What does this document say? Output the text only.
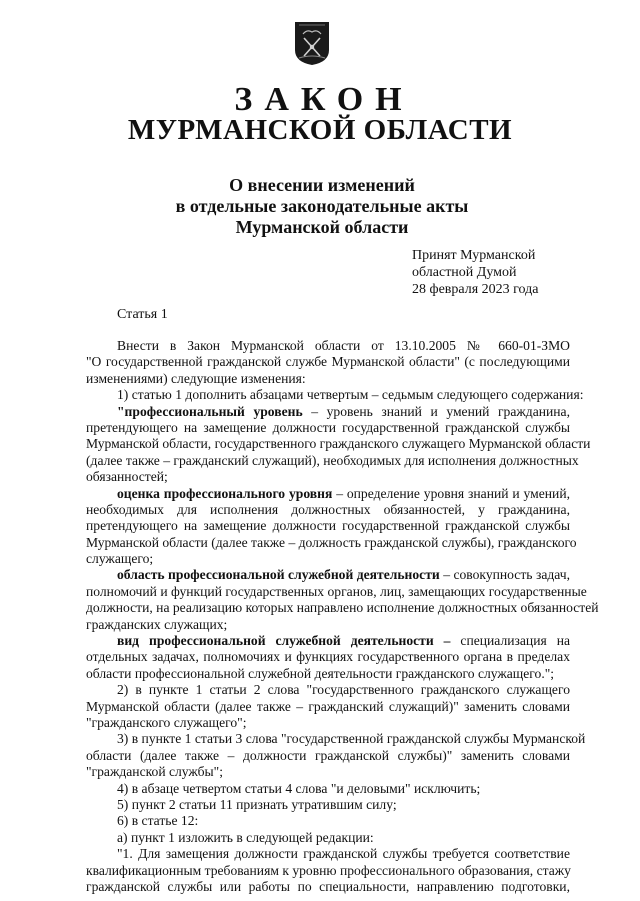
ЗАКОН
МУРМАНСКОЙ ОБЛАСТИ
О внесении изменений
в отдельные законодательные акты
Мурманской области
Принят Мурманской
областной Думой
28 февраля 2023 года
Статья 1
Внести в Закон Мурманской области от 13.10.2005 № 660-01-ЗМО
"О государственной гражданской службе Мурманской области" (с последующими
изменениями) следующие изменения:
1) статью 1 дополнить абзацами четвертым – седьмым следующего содержания:
"профессиональный уровень – уровень знаний и умений гражданина,
претендующего на замещение должности государственной гражданской службы
Мурманской области, государственного гражданского служащего Мурманской области
(далее также – гражданский служащий), необходимых для исполнения должностных
обязанностей;
оценка профессионального уровня – определение уровня знаний и умений,
необходимых для исполнения должностных обязанностей, у гражданина,
претендующего на замещение должности государственной гражданской службы
Мурманской области (далее также – должность гражданской службы), гражданского
служащего;
область профессиональной служебной деятельности – совокупность задач,
полномочий и функций государственных органов, лиц, замещающих государственные
должности, на реализацию которых направлено исполнение должностных обязанностей
гражданских служащих;
вид профессиональной служебной деятельности – специализация на
отдельных задачах, полномочиях и функциях государственного органа в пределах
области профессиональной служебной деятельности гражданского служащего.";
2) в пункте 1 статьи 2 слова "государственного гражданского служащего
Мурманской области (далее также – гражданский служащий)" заменить словами
"гражданского служащего";
3) в пункте 1 статьи 3 слова "государственной гражданской службы Мурманской
области (далее также – должности гражданской службы)" заменить словами
"гражданской службы";
4) в абзаце четвертом статьи 4 слова "и деловыми" исключить;
5) пункт 2 статьи 11 признать утратившим силу;
6) в статье 12:
а) пункт 1 изложить в следующей редакции:
"1. Для замещения должности гражданской службы требуется соответствие
квалификационным требованиям к уровню профессионального образования, стажу
гражданской службы или работы по специальности, направлению подготовки,
